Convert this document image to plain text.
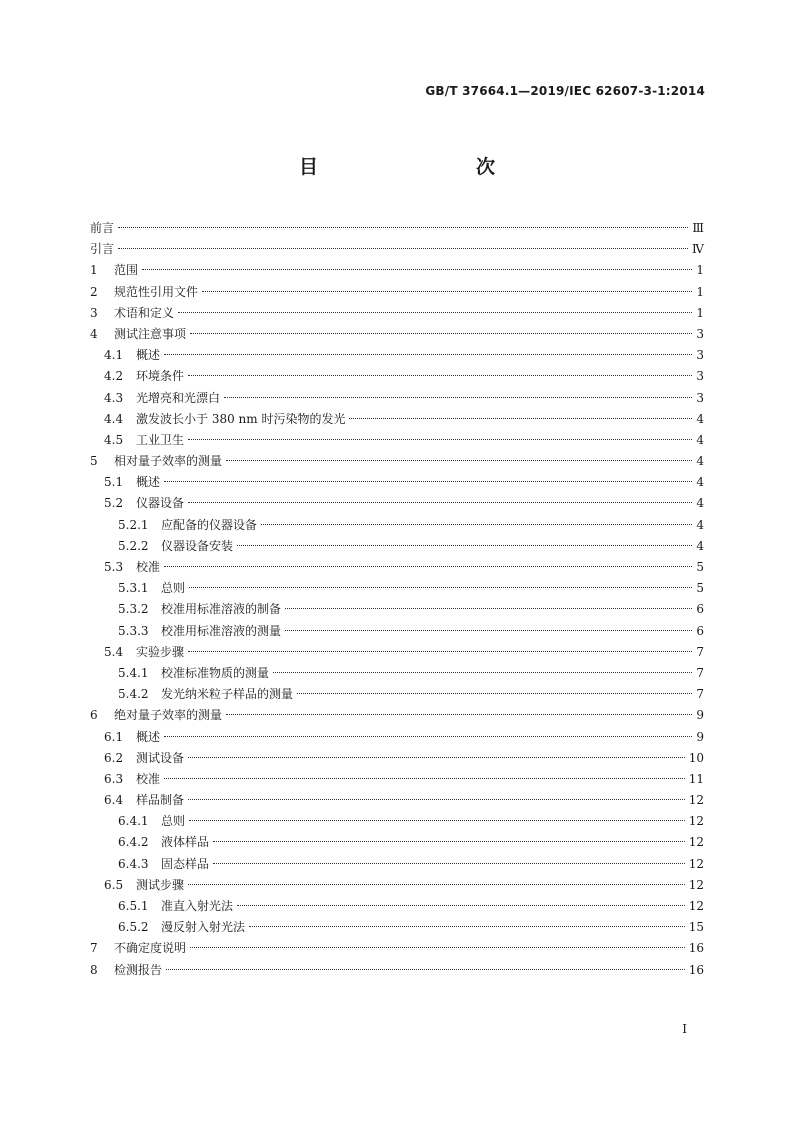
GB/T 37664.1—2019/IEC 62607-3-1:2014
目　　次
前言	Ⅲ
引言	Ⅳ
1	范围	1
2	规范性引用文件	1
3	术语和定义	1
4	测试注意事项	3
4.1	概述	3
4.2	环境条件	3
4.3	光增亮和光漂白	3
4.4	激发波长小于 380 nm 时污染物的发光	4
4.5	工业卫生	4
5	相对量子效率的测量	4
5.1	概述	4
5.2	仪器设备	4
5.2.1	应配备的仪器设备	4
5.2.2	仪器设备安装	4
5.3	校准	5
5.3.1	总则	5
5.3.2	校准用标准溶液的制备	6
5.3.3	校准用标准溶液的测量	6
5.4	实验步骤	7
5.4.1	校准标准物质的测量	7
5.4.2	发光纳米粒子样品的测量	7
6	绝对量子效率的测量	9
6.1	概述	9
6.2	测试设备	10
6.3	校准	11
6.4	样品制备	12
6.4.1	总则	12
6.4.2	液体样品	12
6.4.3	固态样品	12
6.5	测试步骤	12
6.5.1	准直入射光法	12
6.5.2	漫反射入射光法	15
7	不确定度说明	16
8	检测报告	16
I
